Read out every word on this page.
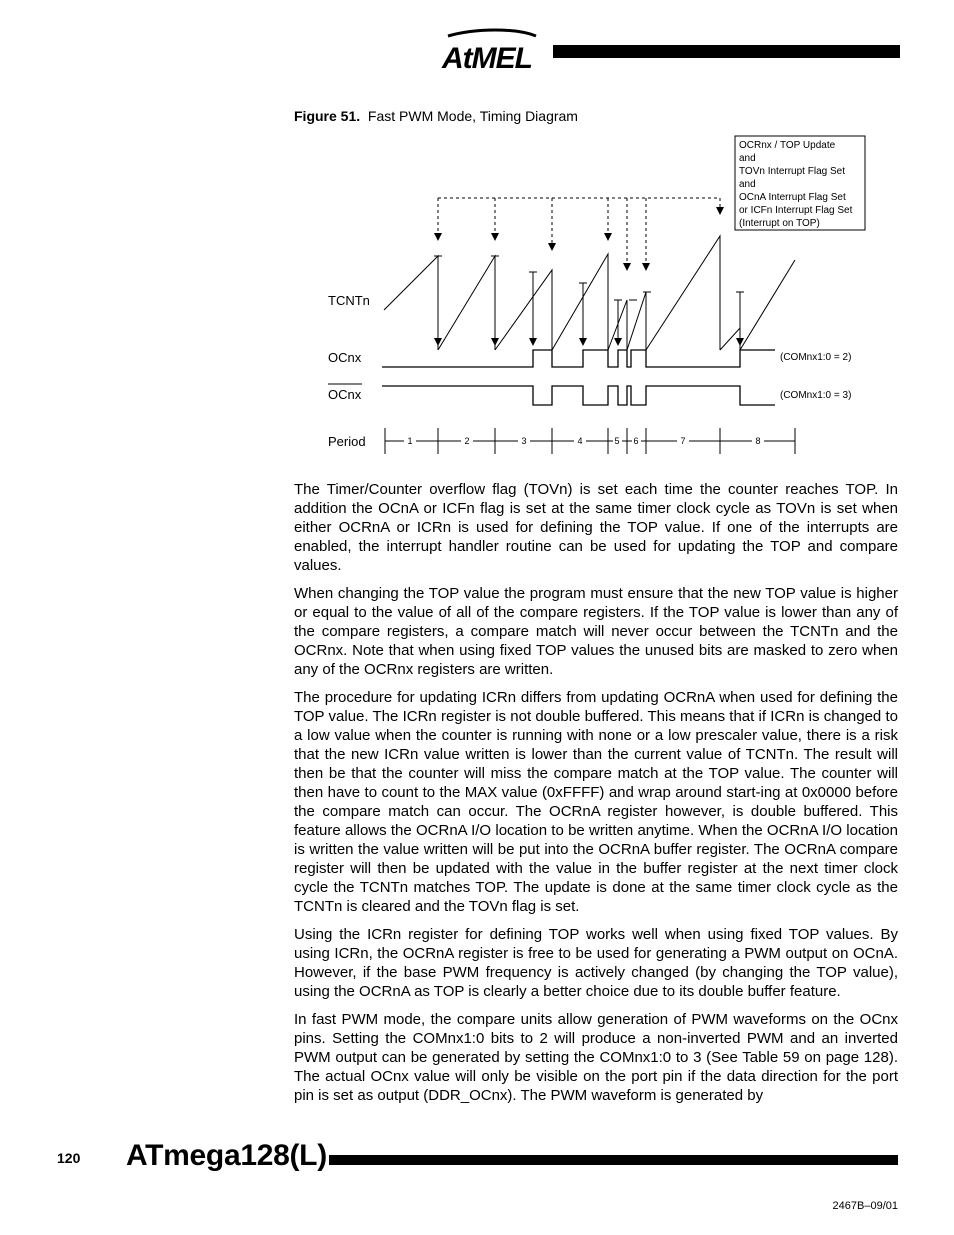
AtMEL
Figure 51. Fast PWM Mode, Timing Diagram
OCRnx / TOP Update
and
TOVn Interrupt Flag Set
and
OCnA Interrupt Flag Set
or ICFn Interrupt Flag Set
(Interrupt on TOP)
TCNTn
OCnx
OCnx
Period
(COMnx1:0 = 2)
(COMnx1:0 = 3)
1	2	3	4	5 6	7	8

The Timer/Counter overflow flag (TOVn) is set each time the counter reaches TOP. In addition the OCnA or ICFn flag is set at the same timer clock cycle as TOVn is set when either OCRnA or ICRn is used for defining the TOP value. If one of the interrupts are enabled, the interrupt handler routine can be used for updating the TOP and compare values.

When changing the TOP value the program must ensure that the new TOP value is higher or equal to the value of all of the compare registers. If the TOP value is lower than any of the compare registers, a compare match will never occur between the TCNTn and the OCRnx. Note that when using fixed TOP values the unused bits are masked to zero when any of the OCRnx registers are written.

The procedure for updating ICRn differs from updating OCRnA when used for defining the TOP value. The ICRn register is not double buffered. This means that if ICRn is changed to a low value when the counter is running with none or a low prescaler value, there is a risk that the new ICRn value written is lower than the current value of TCNTn. The result will then be that the counter will miss the compare match at the TOP value. The counter will then have to count to the MAX value (0xFFFF) and wrap around start-ing at 0x0000 before the compare match can occur. The OCRnA register however, is double buffered. This feature allows the OCRnA I/O location to be written anytime. When the OCRnA I/O location is written the value written will be put into the OCRnA buffer register. The OCRnA compare register will then be updated with the value in the buffer register at the next timer clock cycle the TCNTn matches TOP. The update is done at the same timer clock cycle as the TCNTn is cleared and the TOVn flag is set.

Using the ICRn register for defining TOP works well when using fixed TOP values. By using ICRn, the OCRnA register is free to be used for generating a PWM output on OCnA. However, if the base PWM frequency is actively changed (by changing the TOP value), using the OCRnA as TOP is clearly a better choice due to its double buffer feature.

In fast PWM mode, the compare units allow generation of PWM waveforms on the OCnx pins. Setting the COMnx1:0 bits to 2 will produce a non-inverted PWM and an inverted PWM output can be generated by setting the COMnx1:0 to 3 (See Table 59 on page 128). The actual OCnx value will only be visible on the port pin if the data direction for the port pin is set as output (DDR_OCnx). The PWM waveform is generated by

120 ATmega128(L)
2467B–09/01
